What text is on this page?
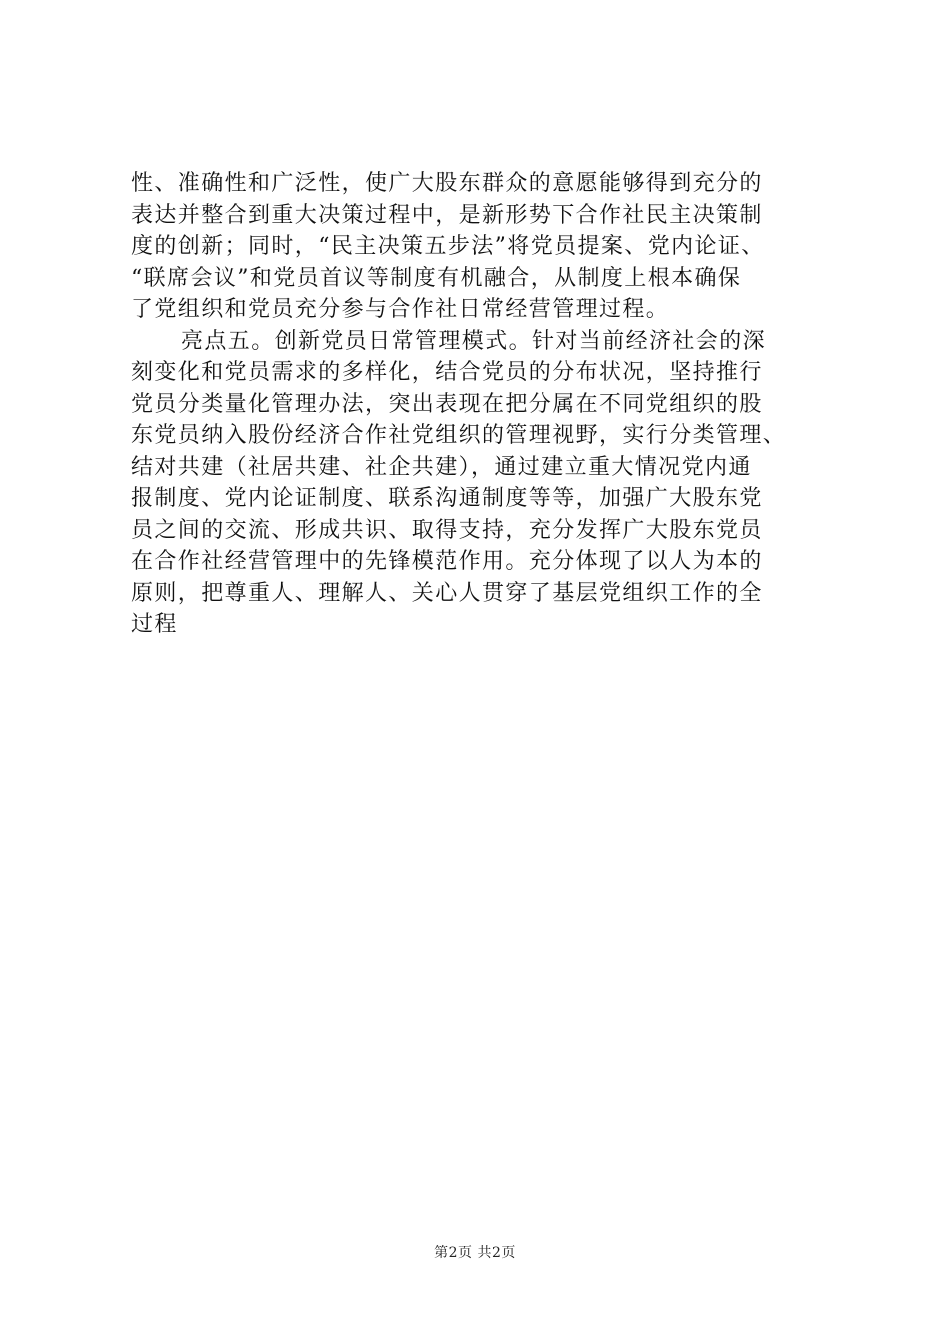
性、准确性和广泛性，使广大股东群众的意愿能够得到充分的
表达并整合到重大决策过程中，是新形势下合作社民主决策制
度的创新；同时，“民主决策五步法”将党员提案、党内论证、
“联席会议”和党员首议等制度有机融合，从制度上根本确保
了党组织和党员充分参与合作社日常经营管理过程。
亮点五。创新党员日常管理模式。针对当前经济社会的深
刻变化和党员需求的多样化，结合党员的分布状况，坚持推行
党员分类量化管理办法，突出表现在把分属在不同党组织的股
东党员纳入股份经济合作社党组织的管理视野，实行分类管理、
结对共建（社居共建、社企共建），通过建立重大情况党内通
报制度、党内论证制度、联系沟通制度等等，加强广大股东党
员之间的交流、形成共识、取得支持，充分发挥广大股东党员
在合作社经营管理中的先锋模范作用。充分体现了以人为本的
原则，把尊重人、理解人、关心人贯穿了基层党组织工作的全
过程
第2页 共2页
